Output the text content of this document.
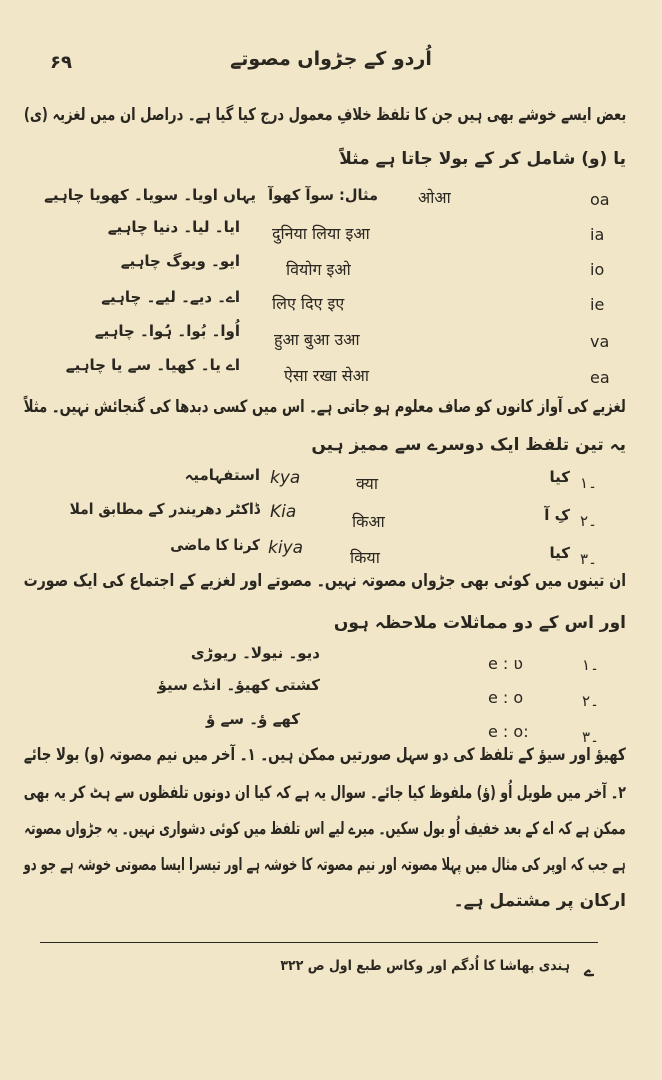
۶۹	اُردو کے جڑواں مصوتے
بعض ایسے خوشے بھی ہیں جن کا تلفظ خلافِ معمول درج کیا گیا ہے۔ دراصل ان میں لغزیہ (ی)
یا (و) شامل کر کے بولا جاتا ہے مثلاً
oa
ओआ
مثال: سوآ کھوآ
یہاں اویا۔ سویا۔ کھویا چاہیے
ia
दुनिया लिया इआ
ایا۔ لیا۔ دنیا چاہیے
io
वियोग इओ
ایو۔ ویوگ چاہیے
ie
लिए दिए इए
اے۔ دیے۔ لیے۔ چاہیے
va
हुआ बुआ उआ
اُوا۔ بُوا۔ ہُوا۔ چاہیے
ea
ऐसा रखा सेआ
اے یا۔ کھیا۔ سے یا چاہیے
لغزیے کی آواز کانوں کو صاف معلوم ہو جاتی ہے۔ اس میں کسی دبدھا کی گنجائش نہیں۔ مثلاً
یہ تین تلفظ ایک دوسرے سے ممیز ہیں
۱۔
کیا
क्या
kya
استفہامیہ
۲۔
کِ آ
किआ
Kia
ڈاکٹر دھریندر کے مطابق املا
۳۔
کیا
किया
kiya
کرنا کا ماضی
ان تینوں میں کوئی بھی جڑواں مصوتہ نہیں۔ مصوتے اور لغزیے کے اجتماع کی ایک صورت
اور اس کے دو مماثلات ملاحظہ ہوں
۱۔
e : ʋ
دیو۔ نیولا۔ ریوڑی
۲۔
e : o
کشتی کھیؤ۔ انڈے سیؤ
۳۔
e : o:
کھے ؤ۔ سے ؤ
کھیؤ اور سیؤ کے تلفظ کی دو سہل صورتیں ممکن ہیں۔ ۱۔ آخر میں نیم مصوتہ (و) بولا جائے
۲۔ آخر میں طویل اُو (ؤ) ملفوظ کیا جائے۔ سوال یہ ہے کہ کیا ان دونوں تلفظوں سے ہٹ کر یہ بھی
ممکن ہے کہ اے کے بعد خفیف اُو بول سکیں۔ میرے لیے اس تلفظ میں کوئی دشواری نہیں۔ یہ جڑواں مصوتہ
ہے جب کہ اوپر کی مثال میں پہلا مصوتہ اور نیم مصوتہ کا خوشہ ہے اور تیسرا ایسا مصوتی خوشہ ہے جو دو
ارکان پر مشتمل ہے۔
ے
ہندی بھاشا کا اُدگم اور وکاس طبع اول ص ۳۲۲
